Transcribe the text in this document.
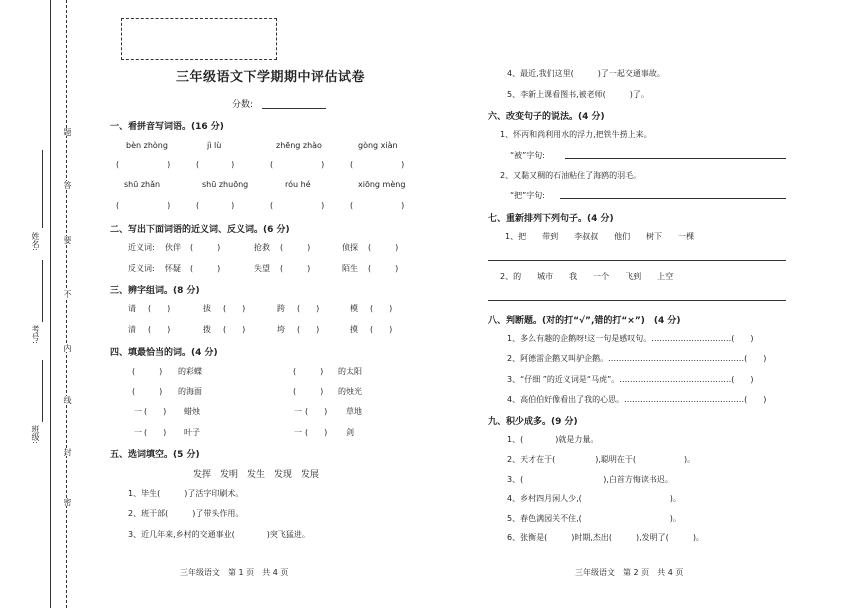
题
答
要
不
内
线
封
密
姓名:
考号:
班级:
三年级语文下学期期中评估试卷
分数:
一、看拼音写词语。(16 分)
bèn zhòng	jì lù	zhēng zhào	gòng xiàn
(　　　　　　)	(　　　　)	(　　　　　　)	(　　　　　　)
shū zhǎn	shū zhuōng	róu hé	xiōng mèng
(　　　　　　)	(　　　　)	(　　　　　　)	(　　　　　　)
二、写出下面词语的近义词、反义词。(6 分)
近义词: 伙伴 (　　　)	抢救 (　　　)	侦探 (　　　)
反义词: 怀疑 (　　　)	失望 (　　　)	陌生 (　　　)
三、辨字组词。(8 分)
请 (　　)	拔 (　　)	跨 (　　)	模 (　　)
清 (　　)	拨 (　　)	垮 (　　)	摸 (　　)
四、填最恰当的词。(4 分)
(　　　) 的彩蝶	(　　　) 的太阳
(　　　) 的海面	(　　　) 的烛光
一 (　　) 蜡烛	一 (　　) 草地
一 (　　) 叶子	一 (　　) 剑
五、选词填空。(5 分)
发挥　发明　发生　发现　发展
1、毕生(　　　	)了活字印刷术。
2、班干部(　　　	)了带头作用。
3、近几年来,乡村的交通事业(　　　　	)突飞猛进。
三年级语文　第 1 页　共 4 页
4、最近,我们这里(　　　	)了一起交通事故。
5、李新上课看图书,被老师(　　　	)了。
六、改变句子的说法。(4 分)
1、怀丙和尚利用水的浮力,把铁牛捞上来。
“被”字句:
2、又黏又稠的石油粘住了海鸥的羽毛。
“把”字句:
七、重新排列下列句子。(4 分)
1、把　　带到　　李叔叔　　他们　　树下　　一棵
2、的　　城市　　我　　一个　　飞到　　上空
八、判断题。(对的打“√”,错的打“×”)　(4 分)
1、多么有趣的企鹅呀!这一句是感叹句。…………………………(　　)
2、阿德雷企鹅又叫驴企鹅。……………………………………………(　　)
3、“仔细 ”的近义词是“马虎”。……………………………………(　　)
4、高伯伯好像看出了我的心思。………………………………………(　　)
九、积少成多。(9 分)
1、(　　　　	)就是力量。
2、天才在于(　　　　　	),聪明在于(　　　　　　	)。
3、(　　　　　　　　　　	),白首方悔读书迟。
4、乡村四月闲人少,(　　　　　　　　　　　	)。
5、春色满园关不住,(　　　　　　　　　　　	)。
6、张衡是(　　　	)时期,杰出(　　　	),发明了(　　　	)。
三年级语文　第 2 页　共 4 页
